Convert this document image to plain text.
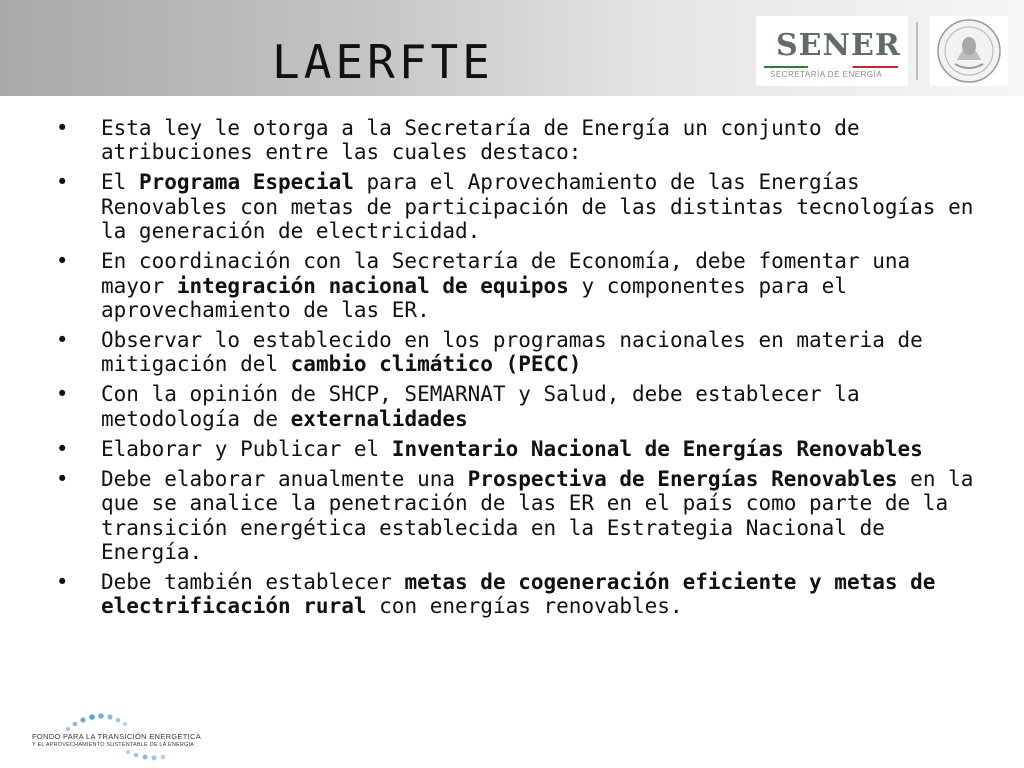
LAERFTE	SENER
SECRETARÍA DE ENERGÍA
• Esta ley le otorga a la Secretaría de Energía un conjunto de atribuciones entre las cuales destaco:
• El Programa Especial para el Aprovechamiento de las Energías Renovables con metas de participación de las distintas tecnologías en la generación de electricidad.
• En coordinación con la Secretaría de Economía, debe fomentar una mayor integración nacional de equipos y componentes para el aprovechamiento de las ER.
• Observar lo establecido en los programas nacionales en materia de mitigación del cambio climático (PECC)
• Con la opinión de SHCP, SEMARNAT y Salud, debe establecer la metodología de externalidades
• Elaborar y Publicar el Inventario Nacional de Energías Renovables
• Debe elaborar anualmente una Prospectiva de Energías Renovables en la que se analice la penetración de las ER en el país como parte de la transición energética establecida en la Estrategia Nacional de Energía.
• Debe también establecer metas de cogeneración eficiente y metas de electrificación rural con energías renovables.
FONDO PARA LA TRANSICIÓN ENERGÉTICA
Y EL APROVECHAMIENTO SUSTENTABLE DE LA ENERGÍA
